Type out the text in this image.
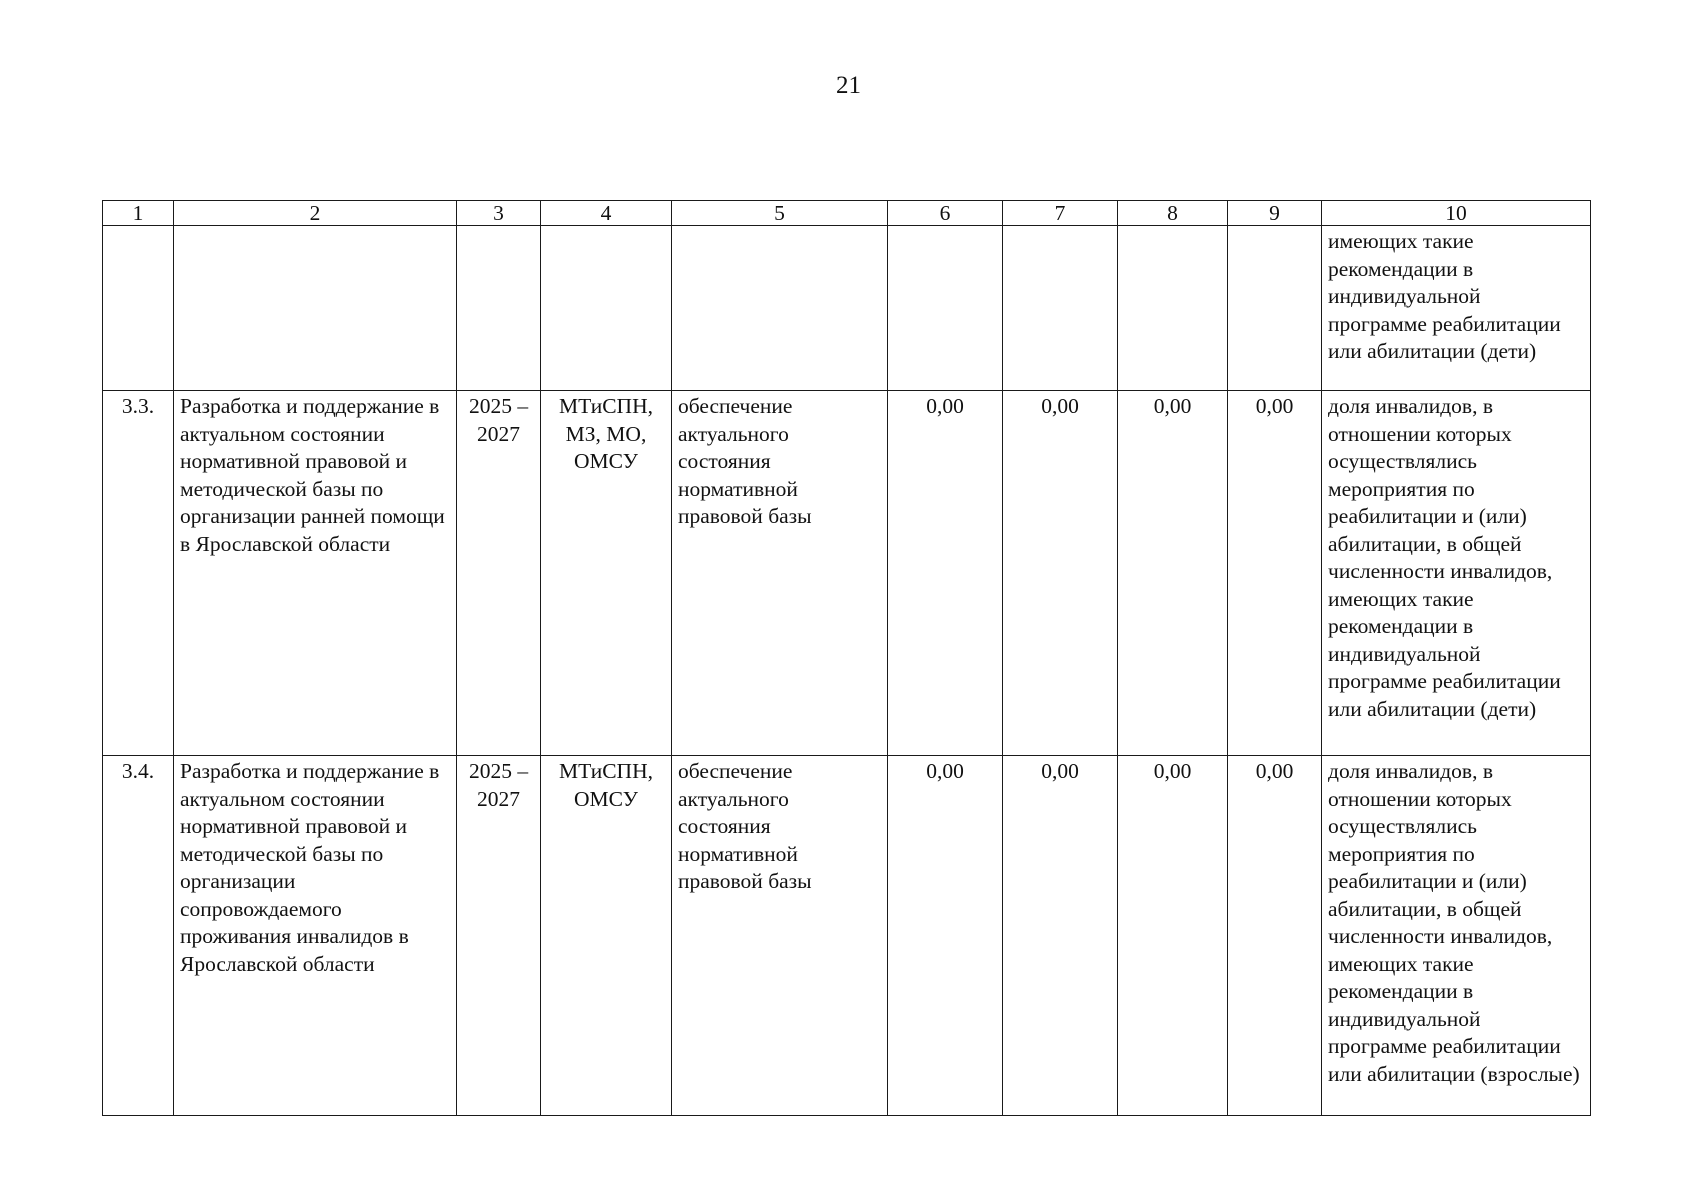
21
1	2	3	4	5	6	7	8	9	10
									имеющих такие рекомендации в индивидуальной программе реабилитации или абилитации (дети)
3.3.	Разработка и поддержание в актуальном состоянии нормативной правовой и методической базы по организации ранней помощи в Ярославской области	2025 – 2027	МТиСПН, МЗ, МО, ОМСУ	обеспечение актуального состояния нормативной правовой базы	0,00	0,00	0,00	0,00	доля инвалидов, в отношении которых осуществлялись мероприятия по реабилитации и (или) абилитации, в общей численности инвалидов, имеющих такие рекомендации в индивидуальной программе реабилитации или абилитации (дети)
3.4.	Разработка и поддержание в актуальном состоянии нормативной правовой и методической базы по организации сопровождаемого проживания инвалидов в Ярославской области	2025 – 2027	МТиСПН, ОМСУ	обеспечение актуального состояния нормативной правовой базы	0,00	0,00	0,00	0,00	доля инвалидов, в отношении которых осуществлялись мероприятия по реабилитации и (или) абилитации, в общей численности инвалидов, имеющих такие рекомендации в индивидуальной программе реабилитации или абилитации (взрослые)
